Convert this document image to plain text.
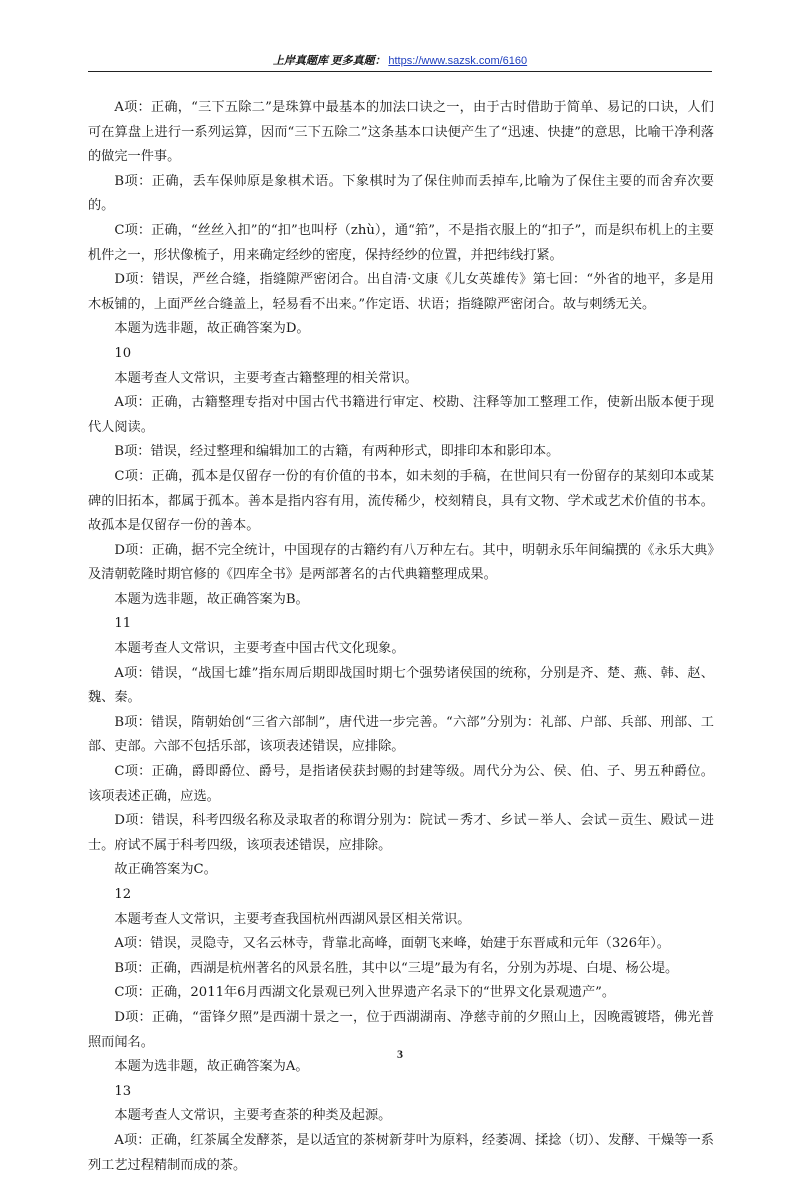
上岸真题库 更多真题： https://www.sazsk.com/6160

A项：正确，“三下五除二”是珠算中最基本的加法口诀之一，由于古时借助于简单、易记的口诀，人们可在算盘上进行一系列运算，因而“三下五除二”这条基本口诀便产生了“迅速、快捷”的意思，比喻干净利落的做完一件事。

B项：正确，丢车保帅原是象棋术语。下象棋时为了保住帅而丢掉车,比喻为了保住主要的而舍弃次要的。

C项：正确，“丝丝入扣”的“扣”也叫杼（zhù），通“筘”，不是指衣服上的“扣子”，而是织布机上的主要机件之一，形状像梳子，用来确定经纱的密度，保持经纱的位置，并把纬线打紧。

D项：错误，严丝合缝，指缝隙严密闭合。出自清·文康《儿女英雄传》第七回：“外省的地平，多是用木板铺的，上面严丝合缝盖上，轻易看不出来。”作定语、状语；指缝隙严密闭合。故与刺绣无关。

本题为选非题，故正确答案为D。

10

本题考查人文常识，主要考查古籍整理的相关常识。

A项：正确，古籍整理专指对中国古代书籍进行审定、校勘、注释等加工整理工作，使新出版本便于现代人阅读。

B项：错误，经过整理和编辑加工的古籍，有两种形式，即排印本和影印本。

C项：正确，孤本是仅留存一份的有价值的书本，如未刻的手稿，在世间只有一份留存的某刻印本或某碑的旧拓本，都属于孤本。善本是指内容有用，流传稀少，校刻精良，具有文物、学术或艺术价值的书本。故孤本是仅留存一份的善本。

D项：正确，据不完全统计，中国现存的古籍约有八万种左右。其中，明朝永乐年间编撰的《永乐大典》及清朝乾隆时期官修的《四库全书》是两部著名的古代典籍整理成果。

本题为选非题，故正确答案为B。

11

本题考查人文常识，主要考查中国古代文化现象。

A项：错误，“战国七雄”指东周后期即战国时期七个强势诸侯国的统称，分别是齐、楚、燕、韩、赵、魏、秦。

B项：错误，隋朝始创“三省六部制”，唐代进一步完善。“六部”分别为：礼部、户部、兵部、刑部、工部、吏部。六部不包括乐部，该项表述错误，应排除。

C项：正确，爵即爵位、爵号，是指诸侯获封赐的封建等级。周代分为公、侯、伯、子、男五种爵位。该项表述正确，应选。

D项：错误，科考四级名称及录取者的称谓分别为：院试－秀才、乡试－举人、会试－贡生、殿试－进士。府试不属于科考四级，该项表述错误，应排除。

故正确答案为C。

12

本题考查人文常识，主要考查我国杭州西湖风景区相关常识。

A项：错误，灵隐寺，又名云林寺，背靠北高峰，面朝飞来峰，始建于东晋咸和元年（326年）。

B项：正确，西湖是杭州著名的风景名胜，其中以“三堤”最为有名，分别为苏堤、白堤、杨公堤。

C项：正确，2011年6月西湖文化景观已列入世界遗产名录下的“世界文化景观遗产”。

D项：正确，“雷锋夕照”是西湖十景之一，位于西湖湖南、净慈寺前的夕照山上，因晚霞镀塔，佛光普照而闻名。

本题为选非题，故正确答案为A。

13

本题考查人文常识，主要考查茶的种类及起源。

A项：正确，红茶属全发酵茶，是以适宜的茶树新芽叶为原料，经萎凋、揉捻（切）、发酵、干燥等一系列工艺过程精制而成的茶。

3
